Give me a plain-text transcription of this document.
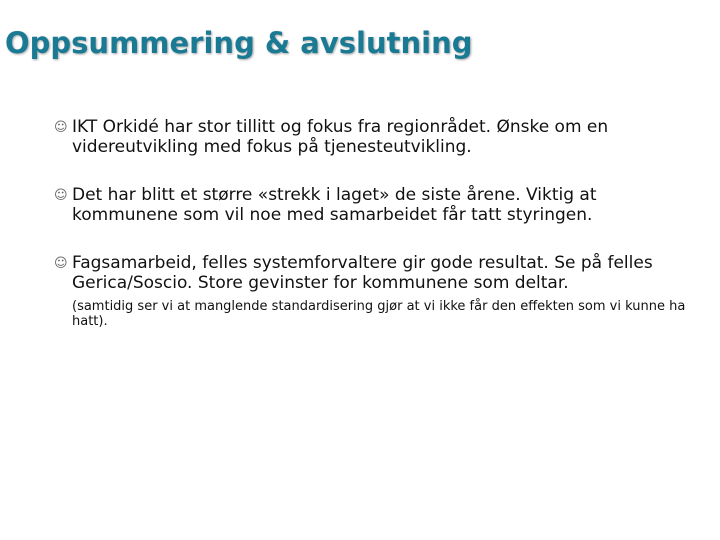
Oppsummering & avslutning
☺ IKT Orkidé har stor tillitt og fokus fra regionrådet. Ønske om en videreutvikling med fokus på tjenesteutvikling.
☺ Det har blitt et større «strekk i laget» de siste årene. Viktig at kommunene som vil noe med samarbeidet får tatt styringen.
☺ Fagsamarbeid, felles systemforvaltere gir gode resultat. Se på felles Gerica/Soscio. Store gevinster for kommunene som deltar.
(samtidig ser vi at manglende standardisering gjør at vi ikke får den effekten som vi kunne ha hatt).
